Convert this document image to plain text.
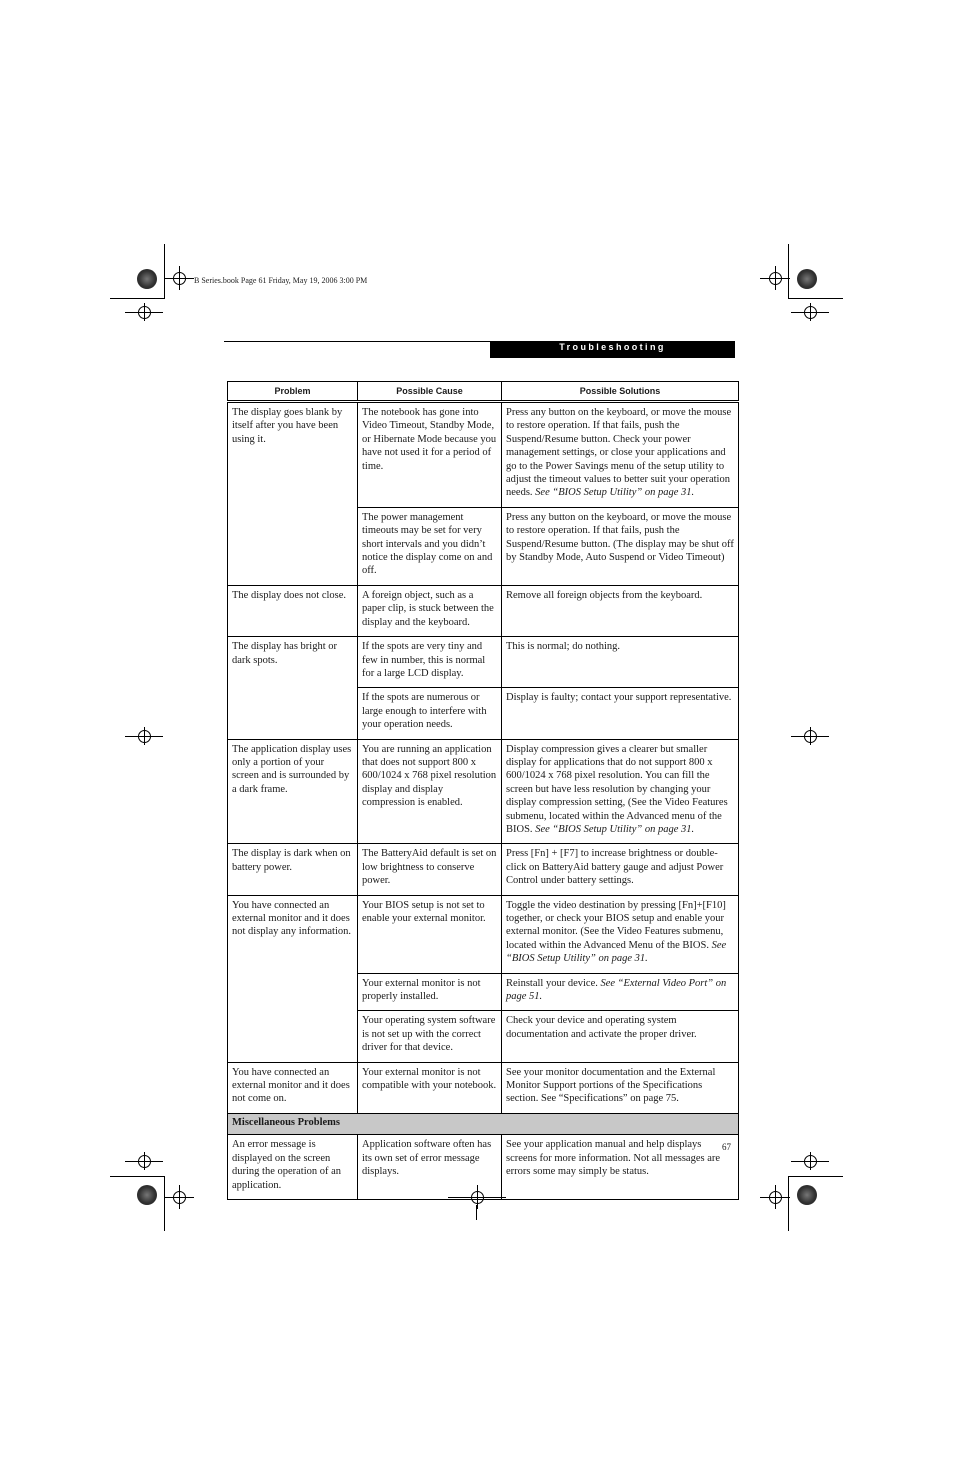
B Series.book Page 61 Friday, May 19, 2006 3:00 PM
Troubleshooting
Problem	Possible Cause	Possible Solutions
The display goes blank by itself after you have been using it.	The notebook has gone into Video Timeout, Standby Mode, or Hibernate Mode because you have not used it for a period of time.	Press any button on the keyboard, or move the mouse to restore operation. If that fails, push the Suspend/Resume button. Check your power management settings, or close your applications and go to the Power Savings menu of the setup utility to adjust the timeout values to better suit your operation needs. See “BIOS Setup Utility” on page 31.
	The power management timeouts may be set for very short intervals and you didn’t notice the display come on and off.	Press any button on the keyboard, or move the mouse to restore operation. If that fails, push the Suspend/Resume button. (The display may be shut off by Standby Mode, Auto Suspend or Video Timeout)
The display does not close.	A foreign object, such as a paper clip, is stuck between the display and the keyboard.	Remove all foreign objects from the keyboard.
The display has bright or dark spots.	If the spots are very tiny and few in number, this is normal for a large LCD display.	This is normal; do nothing.
	If the spots are numerous or large enough to interfere with your operation needs.	Display is faulty; contact your support representative.
The application display uses only a portion of your screen and is surrounded by a dark frame.	You are running an application that does not support 800 x 600/1024 x 768 pixel resolution display and display compression is enabled.	Display compression gives a clearer but smaller display for applications that do not support 800 x 600/1024 x 768 pixel resolution. You can fill the screen but have less resolution by changing your display compression setting, (See the Video Features submenu, located within the Advanced menu of the BIOS. See “BIOS Setup Utility” on page 31.
The display is dark when on battery power.	The BatteryAid default is set on low brightness to conserve power.	Press [Fn] + [F7] to increase brightness or double-click on BatteryAid battery gauge and adjust Power Control under battery settings.
You have connected an external monitor and it does not display any information.	Your BIOS setup is not set to enable your external monitor.	Toggle the video destination by pressing [Fn]+[F10] together, or check your BIOS setup and enable your external monitor. (See the Video Features submenu, located within the Advanced Menu of the BIOS. See “BIOS Setup Utility” on page 31.
	Your external monitor is not properly installed.	Reinstall your device. See “External Video Port” on page 51.
	Your operating system software is not set up with the correct driver for that device.	Check your device and operating system documentation and activate the proper driver.
You have connected an external monitor and it does not come on.	Your external monitor is not compatible with your notebook.	See your monitor documentation and the External Monitor Support portions of the Specifications section. See “Specifications” on page 75.
Miscellaneous Problems		
An error message is displayed on the screen during the operation of an application.	Application software often has its own set of error message displays.	See your application manual and help displays screens for more information. Not all messages are errors some may simply be status.
67
